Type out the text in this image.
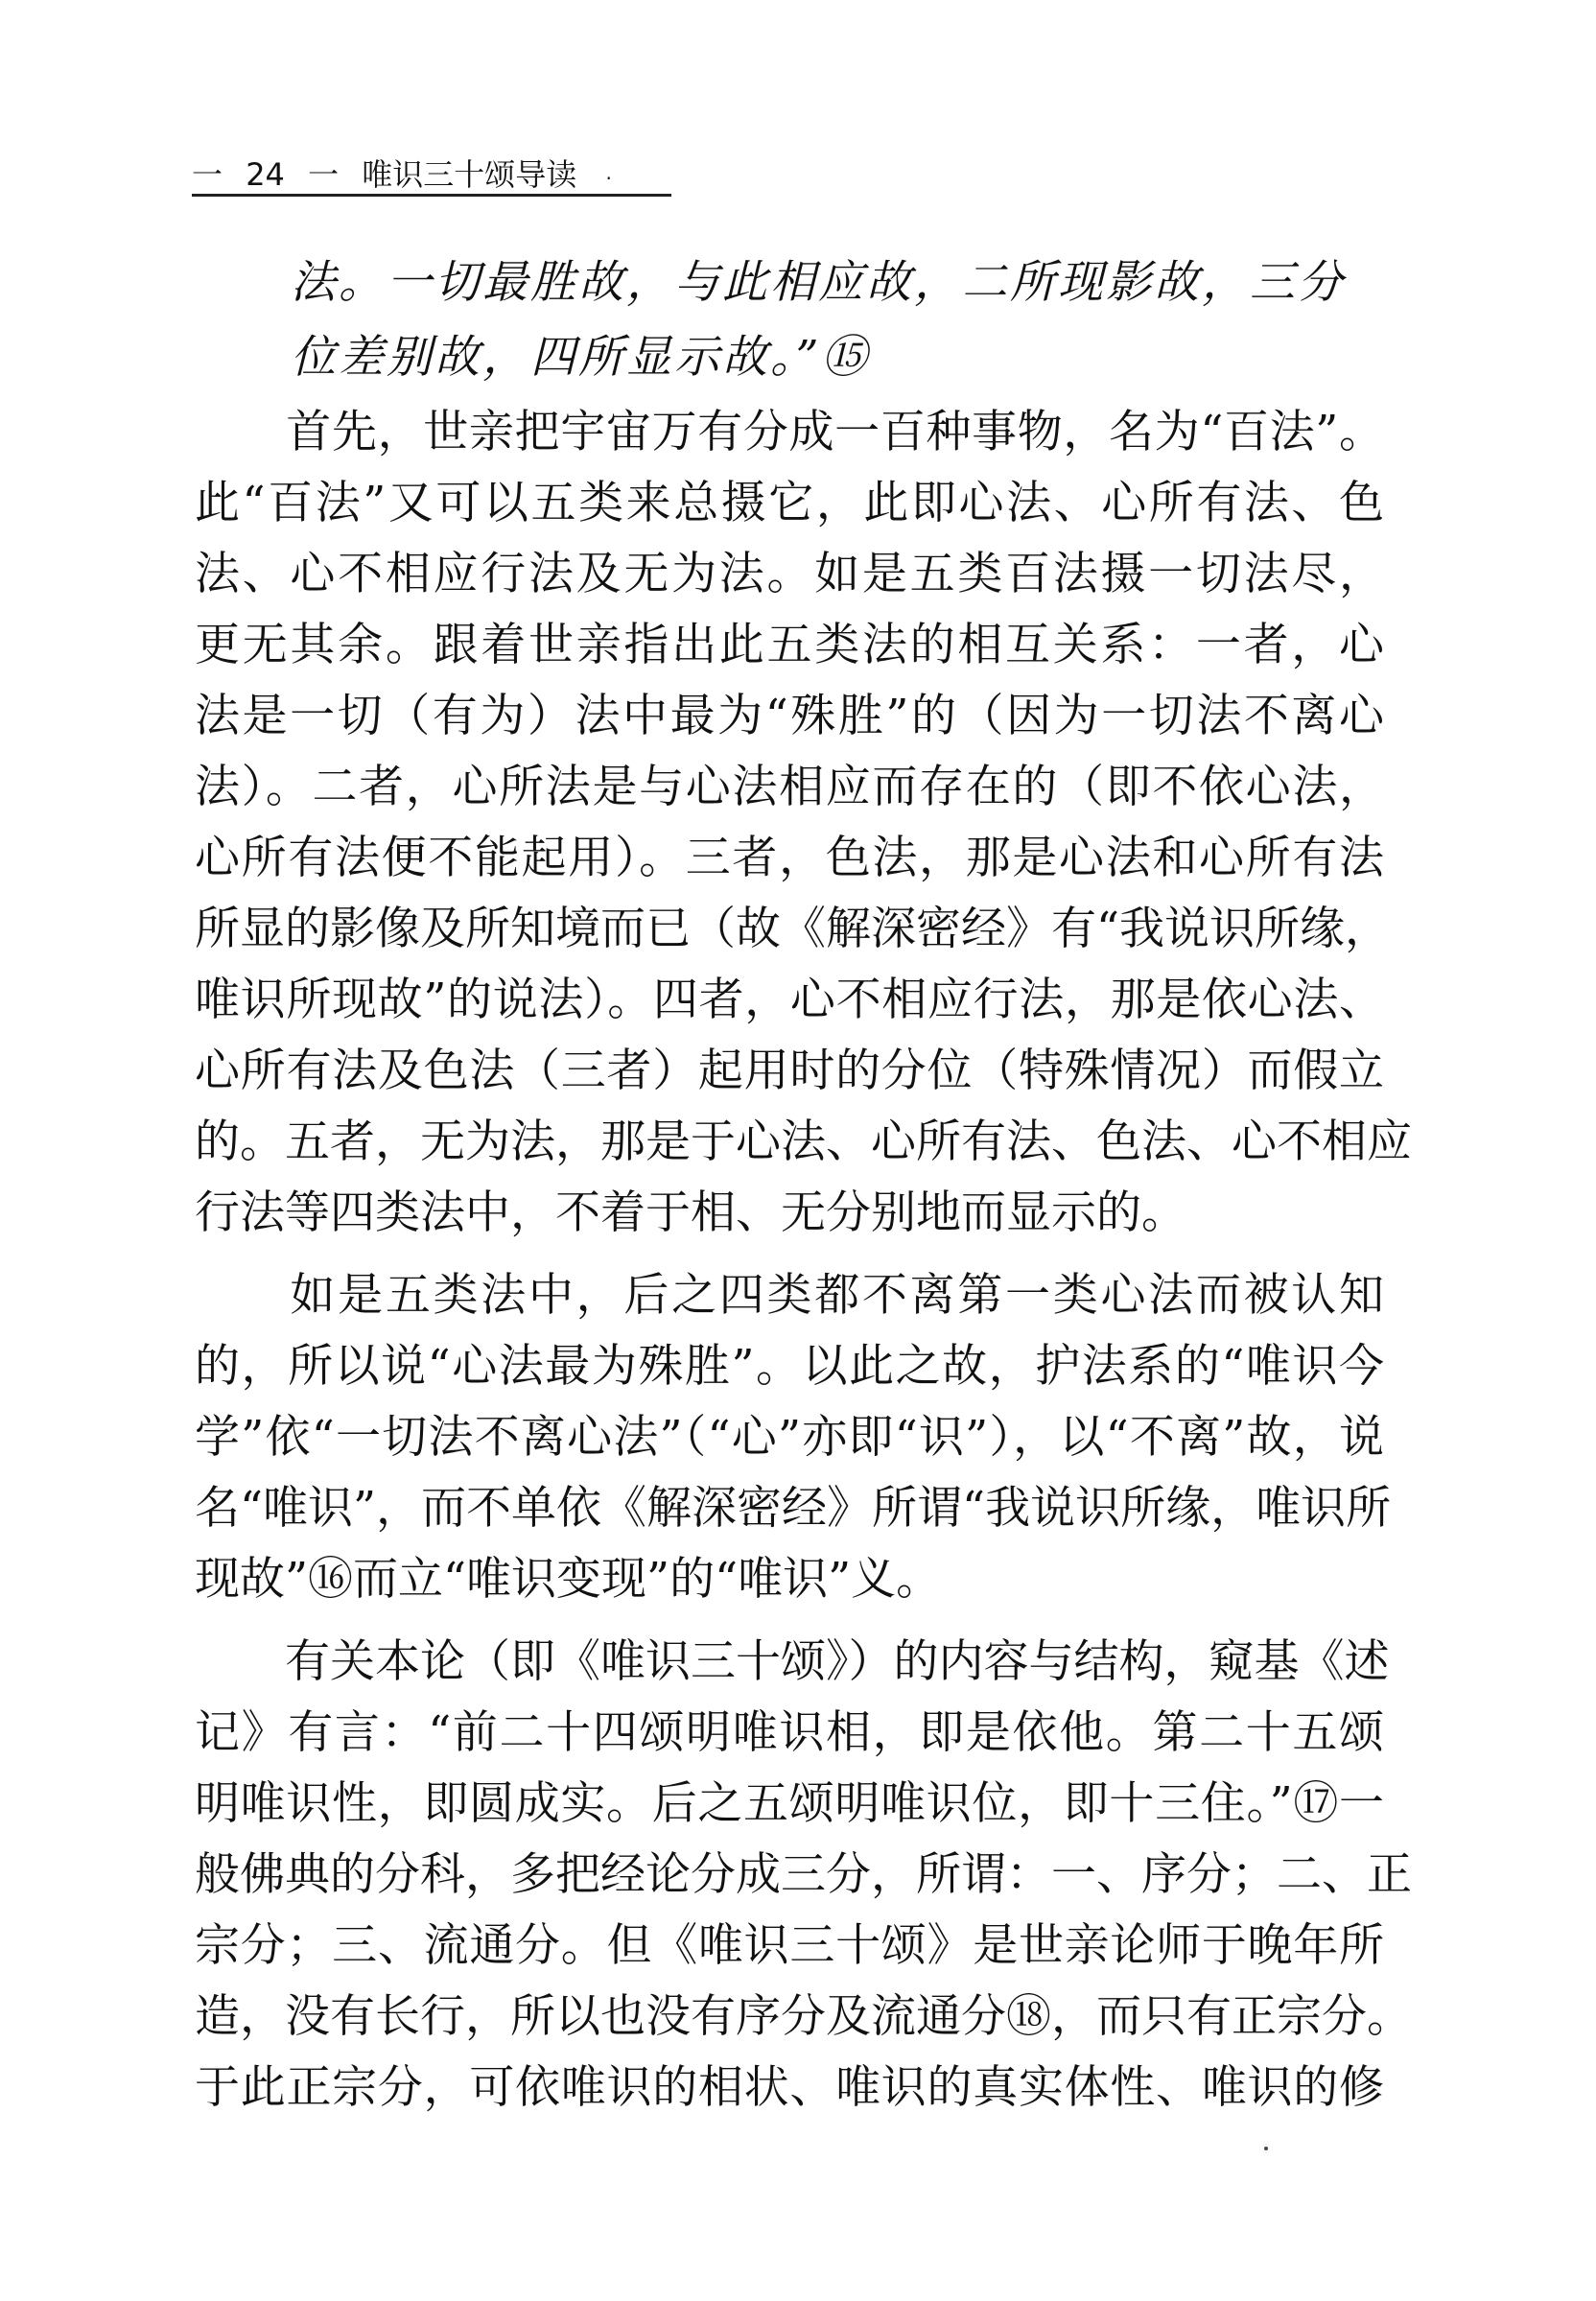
一 24 一 唯识三十颂导读 ·
法。一切最胜故，与此相应故，二所现影故，三分
位差别故，四所显示故。”⑮
　　首先，世亲把宇宙万有分成一百种事物，名为“百法”。
此“百法”又可以五类来总摄它，此即心法、心所有法、色
法、心不相应行法及无为法。如是五类百法摄一切法尽，
更无其余。跟着世亲指出此五类法的相互关系：一者，心
法是一切（有为）法中最为“殊胜”的（因为一切法不离心
法）。二者，心所法是与心法相应而存在的（即不依心法，
心所有法便不能起用）。三者，色法，那是心法和心所有法
所显的影像及所知境而已（故《解深密经》有“我说识所缘，
唯识所现故”的说法）。四者，心不相应行法，那是依心法、
心所有法及色法（三者）起用时的分位（特殊情况）而假立
的。五者，无为法，那是于心法、心所有法、色法、心不相应
行法等四类法中，不着于相、无分别地而显示的。
　　如是五类法中，后之四类都不离第一类心法而被认知
的，所以说“心法最为殊胜”。以此之故，护法系的“唯识今
学”依“一切法不离心法”（“心”亦即“识”），以“不离”故，说
名“唯识”，而不单依《解深密经》所谓“我说识所缘，唯识所
现故”⑯而立“唯识变现”的“唯识”义。
　　有关本论（即《唯识三十颂》）的内容与结构，窥基《述
记》有言：“前二十四颂明唯识相，即是依他。第二十五颂
明唯识性，即圆成实。后之五颂明唯识位，即十三住。”⑰一
般佛典的分科，多把经论分成三分，所谓：一、序分；二、正
宗分；三、流通分。但《唯识三十颂》是世亲论师于晚年所
造，没有长行，所以也没有序分及流通分⑱，而只有正宗分。
于此正宗分，可依唯识的相状、唯识的真实体性、唯识的修
